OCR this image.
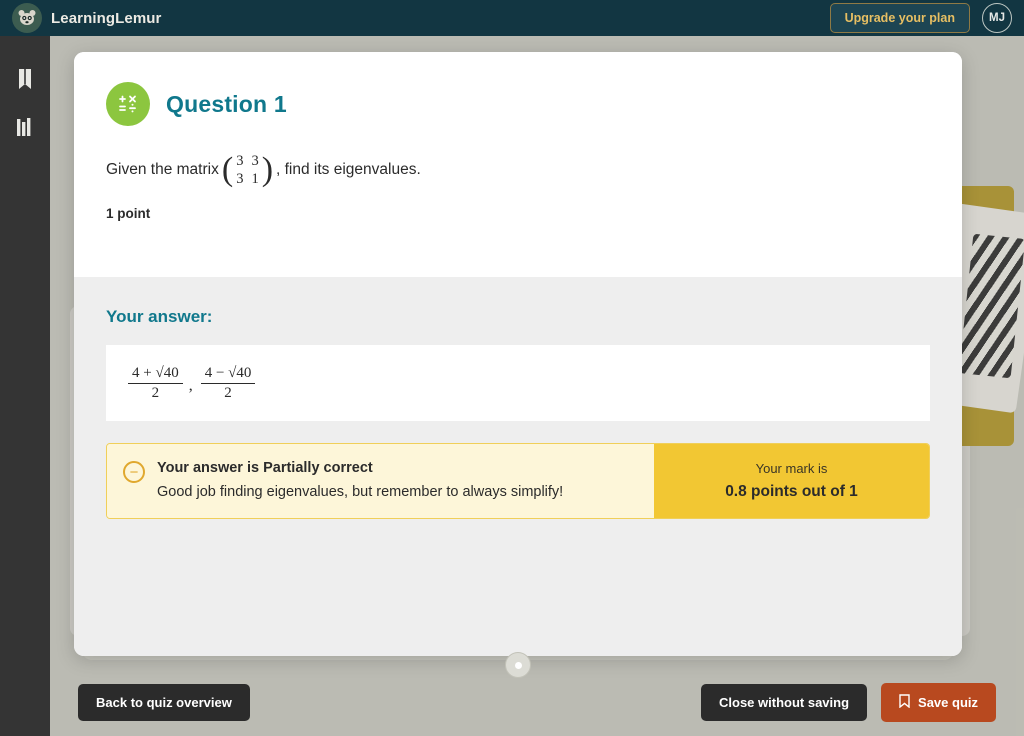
LearningLemur	Upgrade your plan	MJ
Question 1
Given the matrix ( 3 3
3 1 ) , find its eigenvalues.
1 point
Your answer:
$\frac{4 + √40}{2}$ , $\frac{4 - √40}{2}$
−	Your answer is Partially correct
Good job finding eigenvalues, but remember to always simplify!
Your mark is
0.8 points out of 1
Back to quiz overview	Close without saving	Save quiz
